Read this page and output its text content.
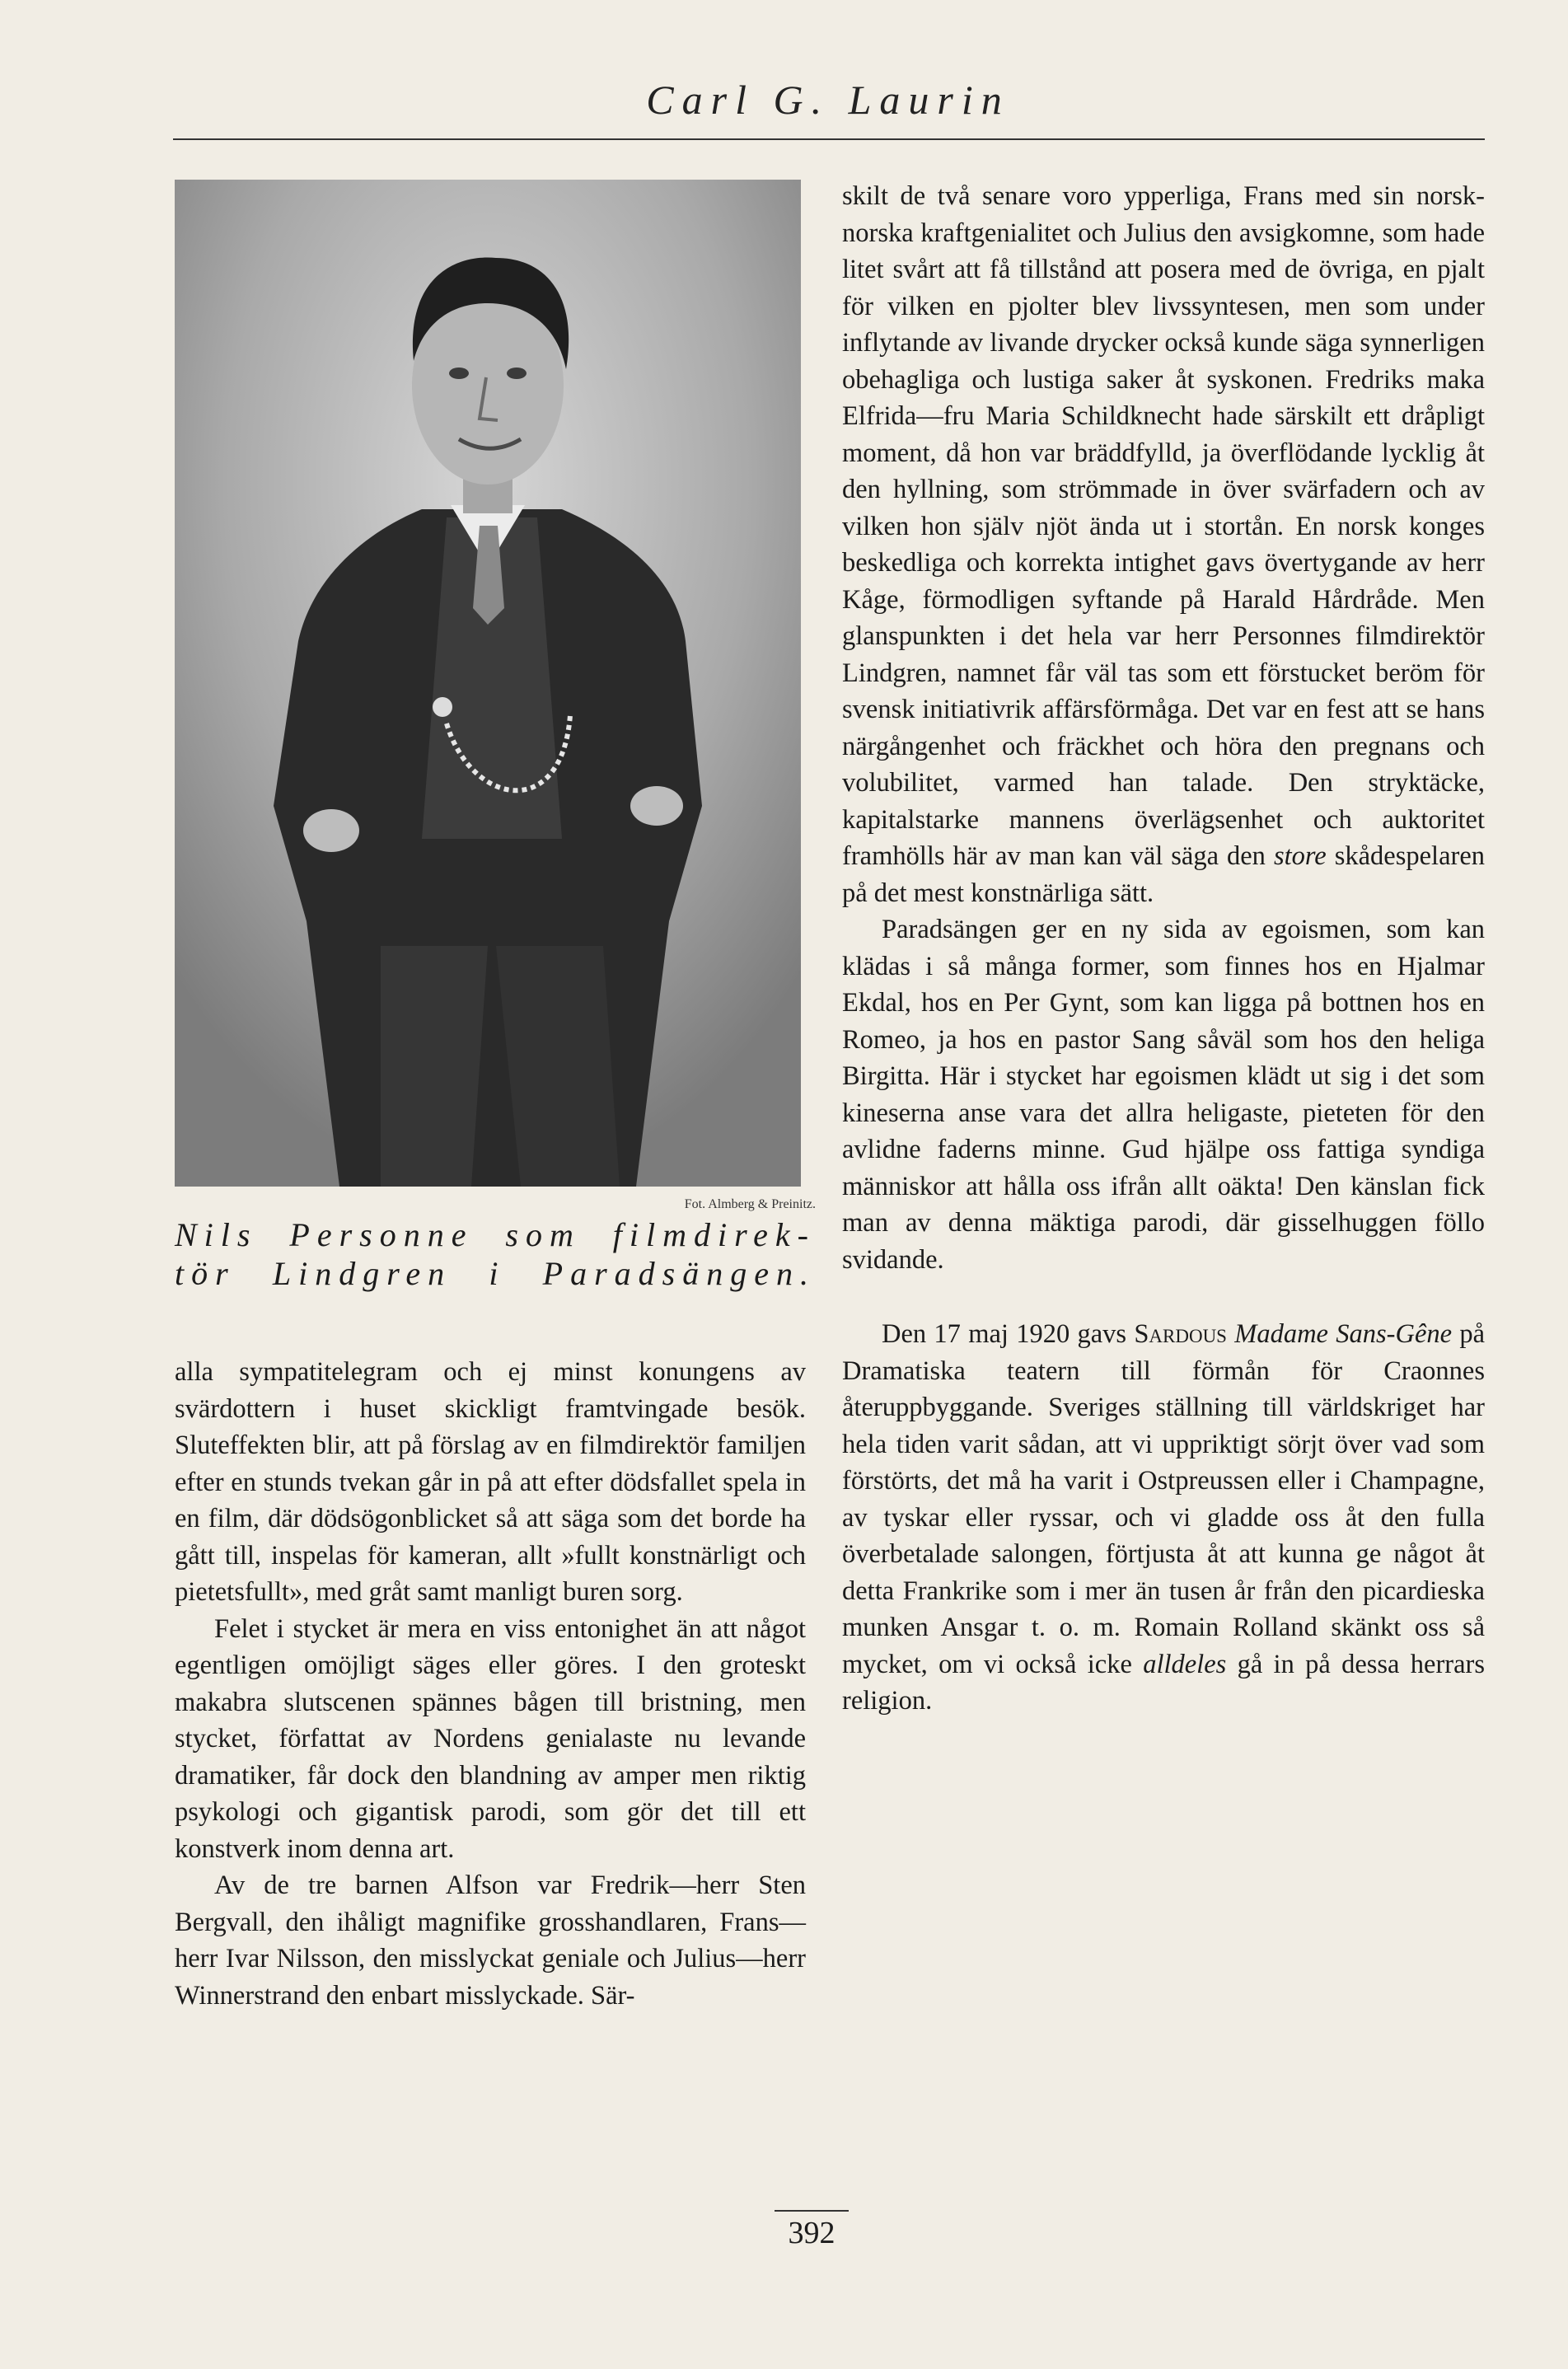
Carl G. Laurin
Fot. Almberg & Preinitz.
Nils Personne som filmdirek-
tör Lindgren i Paradsängen.

alla sympatitelegram och ej minst konungens av svärdottern i huset skickligt framtvingade besök. Sluteffekten blir, att på förslag av en filmdirektör familjen efter en stunds tvekan går in på att efter dödsfallet spela in en film, där dödsögonblicket så att säga som det borde ha gått till, inspelas för kameran, allt »fullt konstnärligt och pietetsfullt», med gråt samt manligt buren sorg.

Felet i stycket är mera en viss entonighet än att något egentligen omöjligt säges eller göres. I den groteskt makabra slutscenen spännes bågen till bristning, men stycket, författat av Nordens genialaste nu levande dramatiker, får dock den blandning av amper men riktig psykologi och gigantisk parodi, som gör det till ett konstverk inom denna art.

Av de tre barnen Alfson var Fredrik—herr Sten Bergvall, den ihåligt magnifike grosshandlaren, Frans—herr Ivar Nilsson, den misslyckat geniale och Julius—herr Winnerstrand den enbart misslyckade. Sär-

skilt de två senare voro ypperliga, Frans med sin norsk-norska kraftgenialitet och Julius den avsigkomne, som hade litet svårt att få tillstånd att posera med de övriga, en pjalt för vilken en pjolter blev livssyntesen, men som under inflytande av livande drycker också kunde säga synnerligen obehagliga och lustiga saker åt syskonen. Fredriks maka Elfrida—fru Maria Schildknecht hade särskilt ett dråpligt moment, då hon var bräddfylld, ja överflödande lycklig åt den hyllning, som strömmade in över svärfadern och av vilken hon själv njöt ända ut i stortån. En norsk konges beskedliga och korrekta intighet gavs övertygande av herr Kåge, förmodligen syftande på Harald Hårdråde. Men glanspunkten i det hela var herr Personnes filmdirektör Lindgren, namnet får väl tas som ett förstucket beröm för svensk initiativrik affärsförmåga. Det var en fest att se hans närgångenhet och fräckhet och höra den pregnans och volubilitet, varmed han talade. Den stryktäcke, kapitalstarke mannens överlägsenhet och auktoritet framhölls här av man kan väl säga den store skådespelaren på det mest konstnärliga sätt.

Paradsängen ger en ny sida av egoismen, som kan klädas i så många former, som finnes hos en Hjalmar Ekdal, hos en Per Gynt, som kan ligga på bottnen hos en Romeo, ja hos en pastor Sang såväl som hos den heliga Birgitta. Här i stycket har egoismen klädt ut sig i det som kineserna anse vara det allra heligaste, pieteten för den avlidne faderns minne. Gud hjälpe oss fattiga syndiga människor att hålla oss ifrån allt oäkta! Den känslan fick man av denna mäktiga parodi, där gisselhuggen föllo svidande.

Den 17 maj 1920 gavs Sardous Madame Sans-Gêne på Dramatiska teatern till förmån för Craonnes återuppbyggande. Sveriges ställning till världskriget har hela tiden varit sådan, att vi uppriktigt sörjt över vad som förstörts, det må ha varit i Ostpreussen eller i Champagne, av tyskar eller ryssar, och vi gladde oss åt den fulla överbetalade salongen, förtjusta åt att kunna ge något åt detta Frankrike som i mer än tusen år från den picardieska munken Ansgar t. o. m. Romain Rolland skänkt oss så mycket, om vi också icke alldeles gå in på dessa herrars religion.

392
